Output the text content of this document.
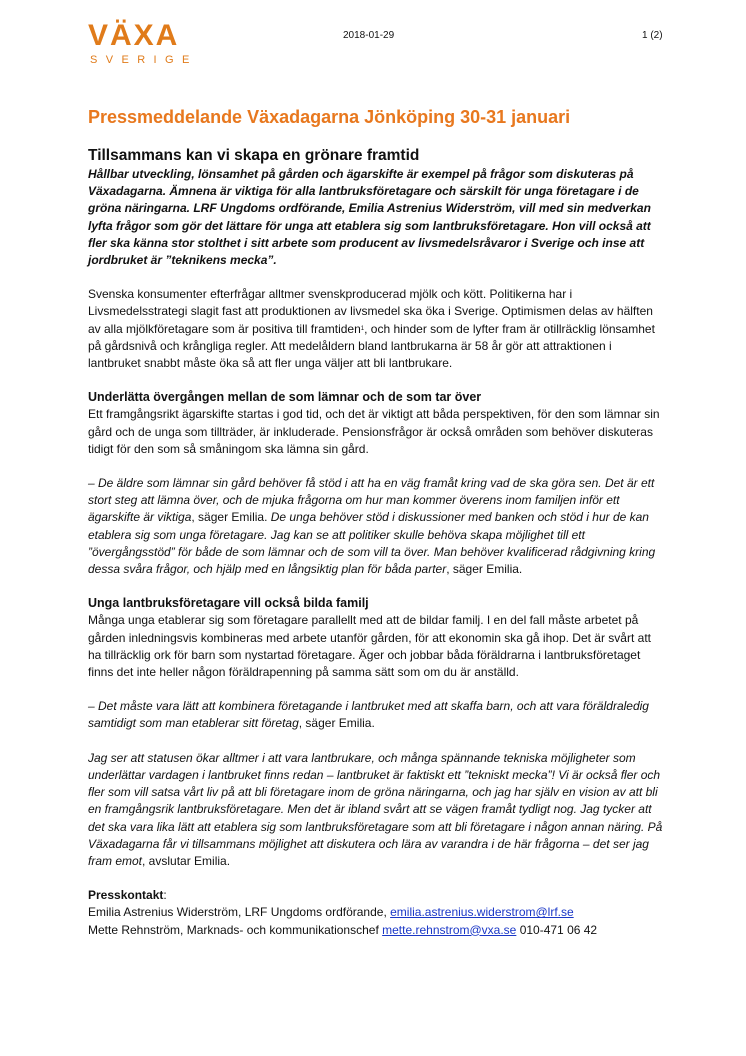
VÄXA
SVERIGE
2018-01-29	1 (2)
Pressmeddelande Växadagarna Jönköping 30-31 januari

Tillsammans kan vi skapa en grönare framtid

Hållbar utveckling, lönsamhet på gården och ägarskifte är exempel på frågor som diskuteras på Växadagarna. Ämnena är viktiga för alla lantbruksföretagare och särskilt för unga företagare i de gröna näringarna. LRF Ungdoms ordförande, Emilia Astrenius Widerström, vill med sin medverkan lyfta frågor som gör det lättare för unga att etablera sig som lantbruksföretagare. Hon vill också att fler ska känna stor stolthet i sitt arbete som producent av livsmedelsråvaror i Sverige och inse att jordbruket är ”teknikens mecka”.

Svenska konsumenter efterfrågar alltmer svenskproducerad mjölk och kött. Politikerna har i Livsmedelsstrategi slagit fast att produktionen av livsmedel ska öka i Sverige. Optimismen delas av hälften av alla mjölkföretagare som är positiva till framtiden$^1$, och hinder som de lyfter fram är otillräcklig lönsamhet på gårdsnivå och krångliga regler. Att medelåldern bland lantbrukarna är 58 år gör att attraktionen i lantbruket snabbt måste öka så att fler unga väljer att bli lantbrukare.

Underlätta övergången mellan de som lämnar och de som tar över

Ett framgångsrikt ägarskifte startas i god tid, och det är viktigt att båda perspektiven, för den som lämnar sin gård och de unga som tillträder, är inkluderade. Pensionsfrågor är också områden som behöver diskuteras tidigt för den som så småningom ska lämna sin gård.

– De äldre som lämnar sin gård behöver få stöd i att ha en väg framåt kring vad de ska göra sen. Det är ett stort steg att lämna över, och de mjuka frågorna om hur man kommer överens inom familjen inför ett ägarskifte är viktiga, säger Emilia. De unga behöver stöd i diskussioner med banken och stöd i hur de kan etablera sig som unga företagare. Jag kan se att politiker skulle behöva skapa möjlighet till ett ”övergångsstöd” för både de som lämnar och de som vill ta över. Man behöver kvalificerad rådgivning kring dessa svåra frågor, och hjälp med en långsiktig plan för båda parter, säger Emilia.

Unga lantbruksföretagare vill också bilda familj

Många unga etablerar sig som företagare parallellt med att de bildar familj. I en del fall måste arbetet på gården inledningsvis kombineras med arbete utanför gården, för att ekonomin ska gå ihop. Det är svårt att ha tillräcklig ork för barn som nystartad företagare. Äger och jobbar båda föräldrarna i lantbruksföretaget finns det inte heller någon föräldrapenning på samma sätt som om du är anställd.

– Det måste vara lätt att kombinera företagande i lantbruket med att skaffa barn, och att vara föräldraledig samtidigt som man etablerar sitt företag, säger Emilia.

Jag ser att statusen ökar alltmer i att vara lantbrukare, och många spännande tekniska möjligheter som underlättar vardagen i lantbruket finns redan – lantbruket är faktiskt ett ”tekniskt mecka”! Vi är också fler och fler som vill satsa vårt liv på att bli företagare inom de gröna näringarna, och jag har själv en vision av att bli en framgångsrik lantbruksföretagare. Men det är ibland svårt att se vägen framåt tydligt nog. Jag tycker att det ska vara lika lätt att etablera sig som lantbruksföretagare som att bli företagare i någon annan näring. På Växadagarna får vi tillsammans möjlighet att diskutera och lära av varandra i de här frågorna – det ser jag fram emot, avslutar Emilia.

Presskontakt:

Emilia Astrenius Widerström, LRF Ungdoms ordförande, emilia.astrenius.widerstrom@lrf.se

Mette Rehnström, Marknads- och kommunikationschef mette.rehnstrom@vxa.se 010-471 06 42
